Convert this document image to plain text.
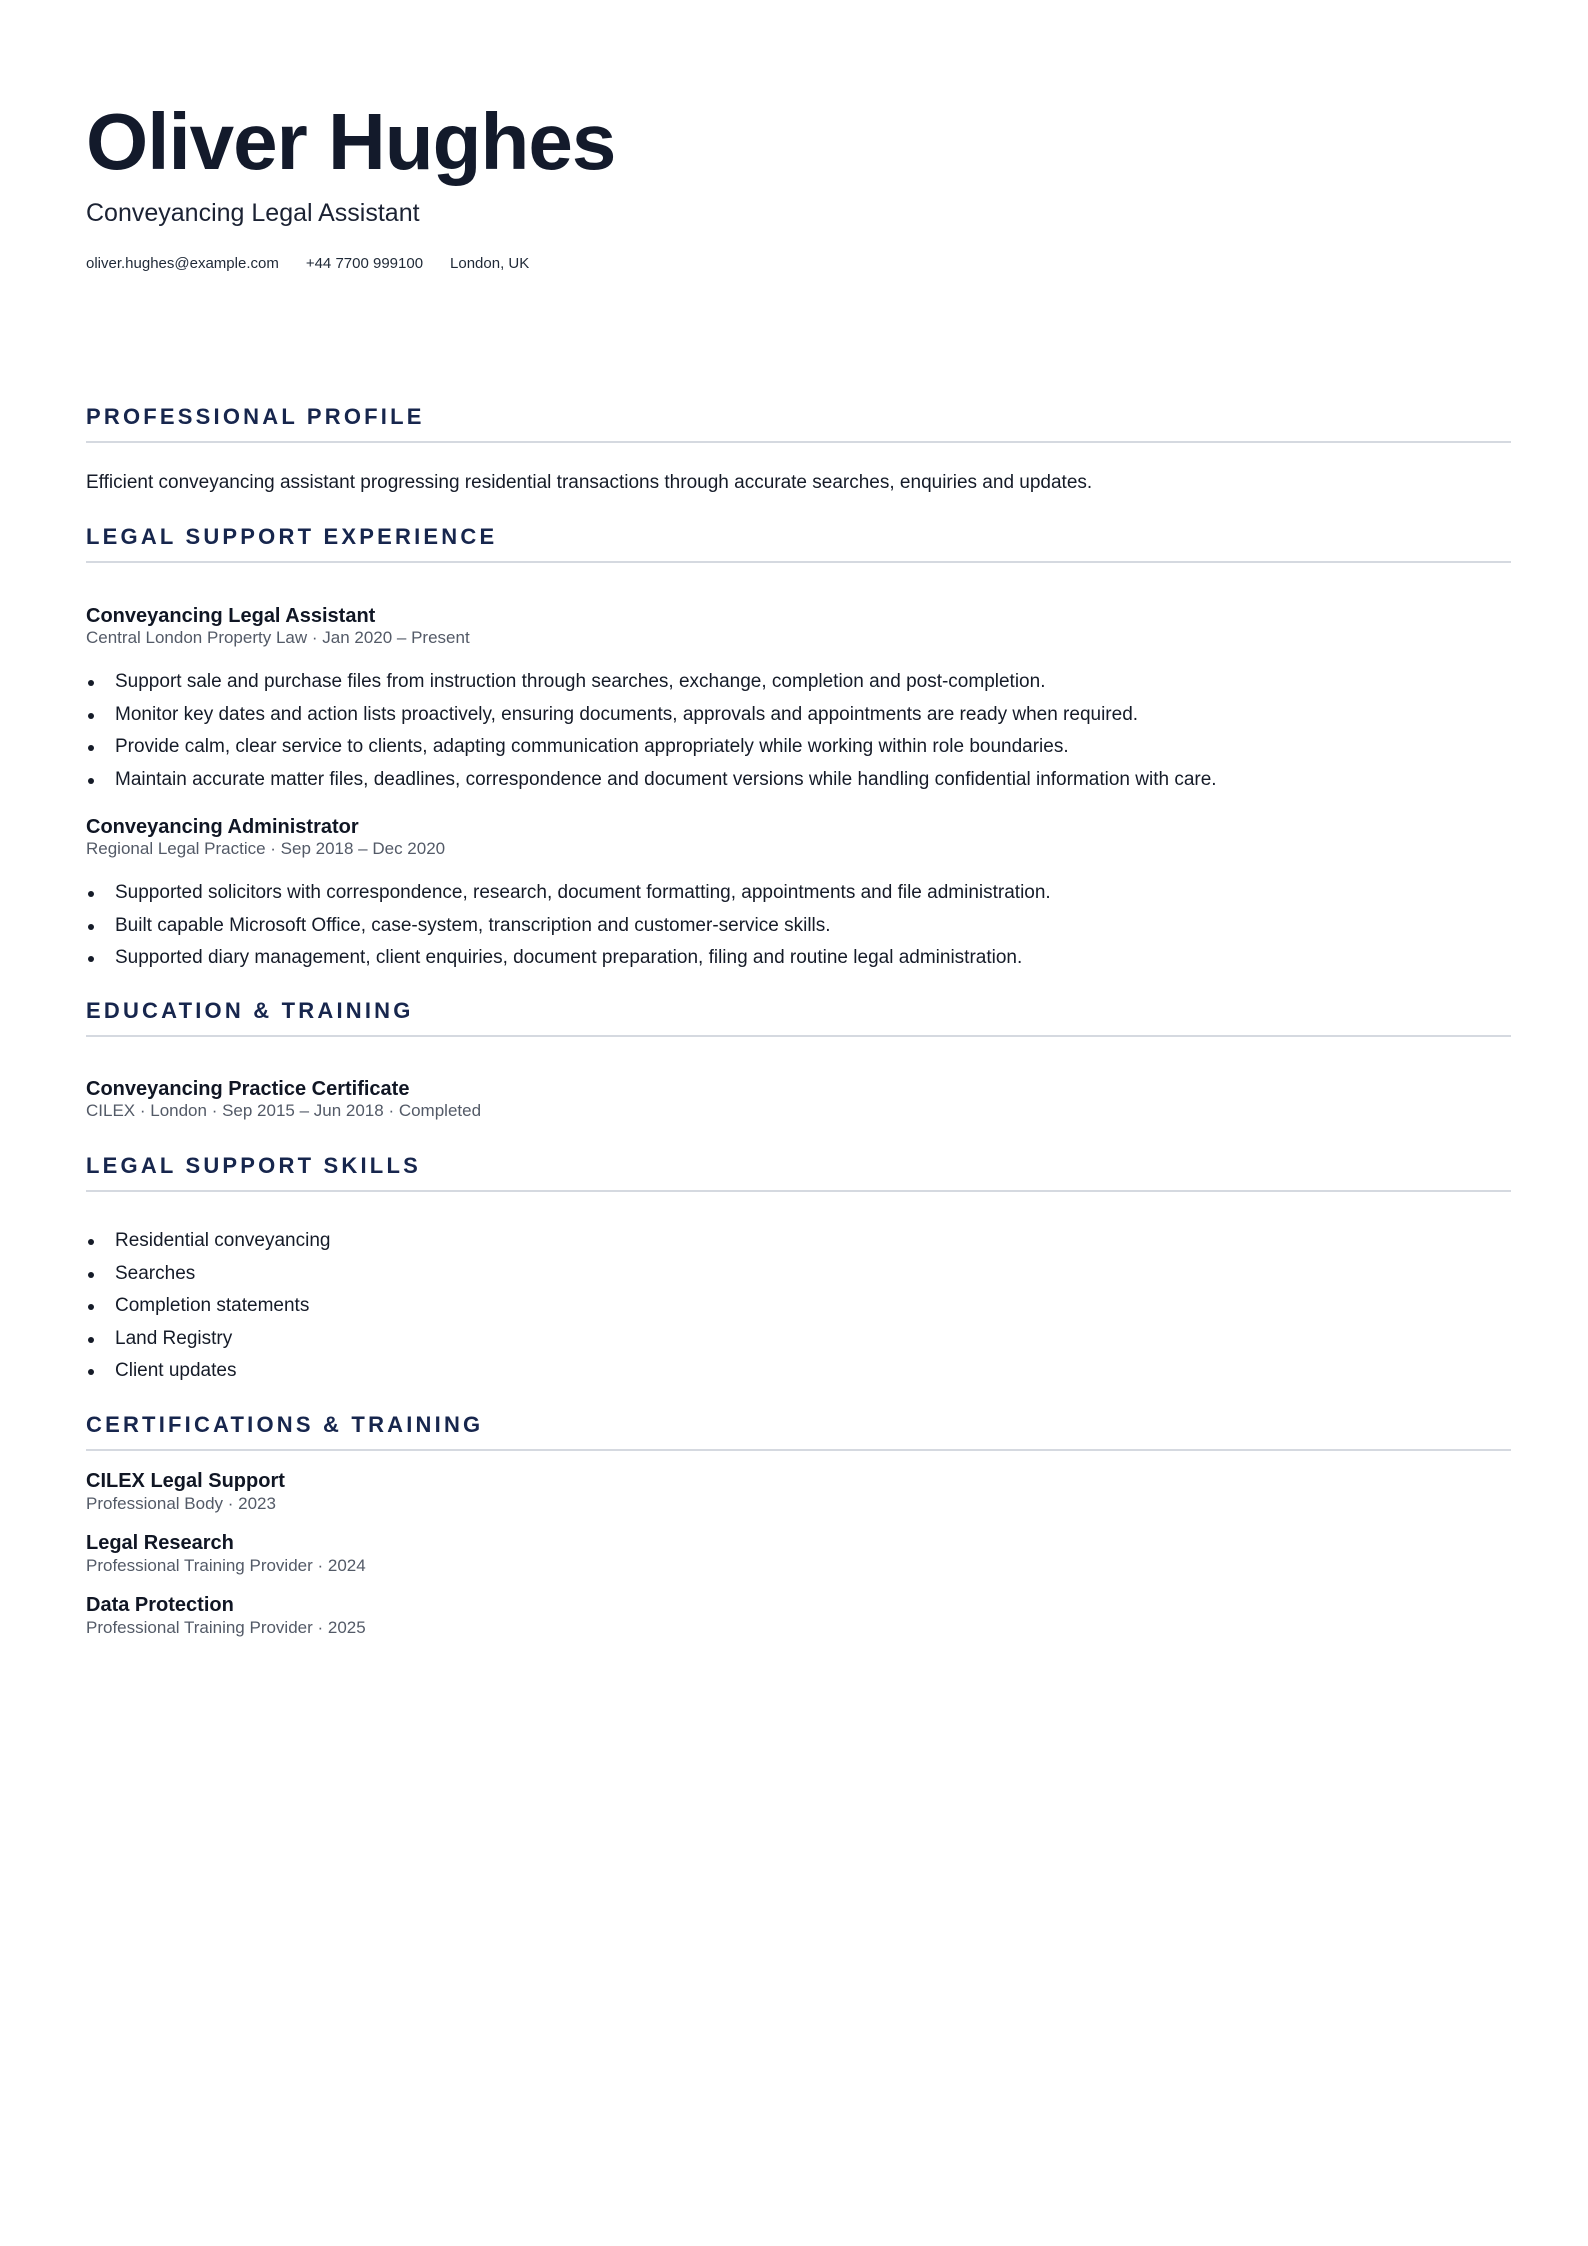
Oliver Hughes
Conveyancing Legal Assistant
oliver.hughes@example.com +44 7700 999100 London, UK
PROFESSIONAL PROFILE

Efficient conveyancing assistant progressing residential transactions through accurate searches, enquiries and updates.

LEGAL SUPPORT EXPERIENCE
Conveyancing Legal Assistant
Central London Property Law · Jan 2020 – Present
Support sale and purchase files from instruction through searches, exchange, completion and post-completion.
Monitor key dates and action lists proactively, ensuring documents, approvals and appointments are ready when required.
Provide calm, clear service to clients, adapting communication appropriately while working within role boundaries.
Maintain accurate matter files, deadlines, correspondence and document versions while handling confidential information with care.
Conveyancing Administrator
Regional Legal Practice · Sep 2018 – Dec 2020
Supported solicitors with correspondence, research, document formatting, appointments and file administration.
Built capable Microsoft Office, case-system, transcription and customer-service skills.
Supported diary management, client enquiries, document preparation, filing and routine legal administration.
EDUCATION & TRAINING
Conveyancing Practice Certificate
CILEX · London · Sep 2015 – Jun 2018 · Completed
LEGAL SUPPORT SKILLS
Residential conveyancing
Searches
Completion statements
Land Registry
Client updates
CERTIFICATIONS & TRAINING
CILEX Legal Support
Professional Body · 2023
Legal Research
Professional Training Provider · 2024
Data Protection
Professional Training Provider · 2025
